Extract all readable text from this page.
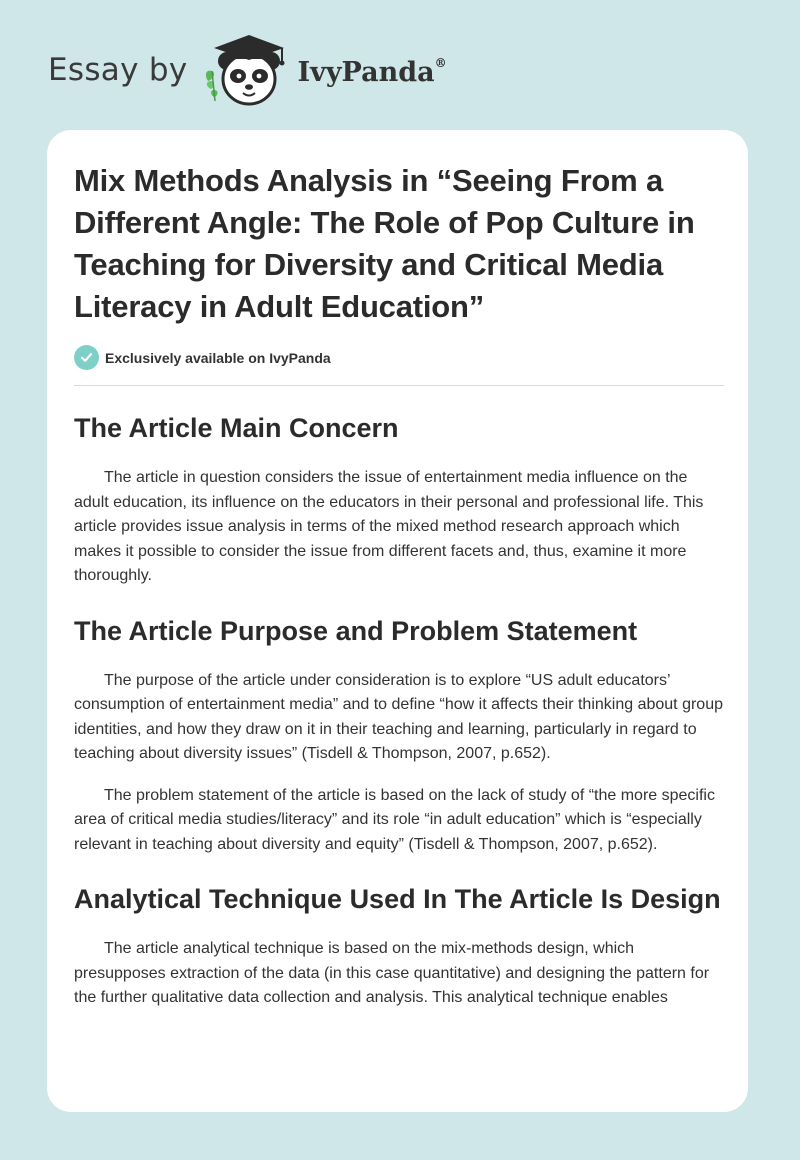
Essay by	IvyPanda®
Mix Methods Analysis in “Seeing From a Different Angle: The Role of Pop Culture in Teaching for Diversity and Critical Media Literacy in Adult Education”
Exclusively available on IvyPanda
The Article Main Concern

The article in question considers the issue of entertainment media influence on the adult education, its influence on the educators in their personal and professional life. This article provides issue analysis in terms of the mixed method research approach which makes it possible to consider the issue from different facets and, thus, examine it more thoroughly.

The Article Purpose and Problem Statement

The purpose of the article under consideration is to explore “US adult educators’ consumption of entertainment media” and to define “how it affects their thinking about group identities, and how they draw on it in their teaching and learning, particularly in regard to teaching about diversity issues” (Tisdell & Thompson, 2007, p.652).

The problem statement of the article is based on the lack of study of “the more specific area of critical media studies/literacy” and its role “in adult education” which is “especially relevant in teaching about diversity and equity” (Tisdell & Thompson, 2007, p.652).

Analytical Technique Used In The Article Is Design

The article analytical technique is based on the mix-methods design, which presupposes extraction of the data (in this case quantitative) and designing the pattern for the further qualitative data collection and analysis. This analytical technique enables
